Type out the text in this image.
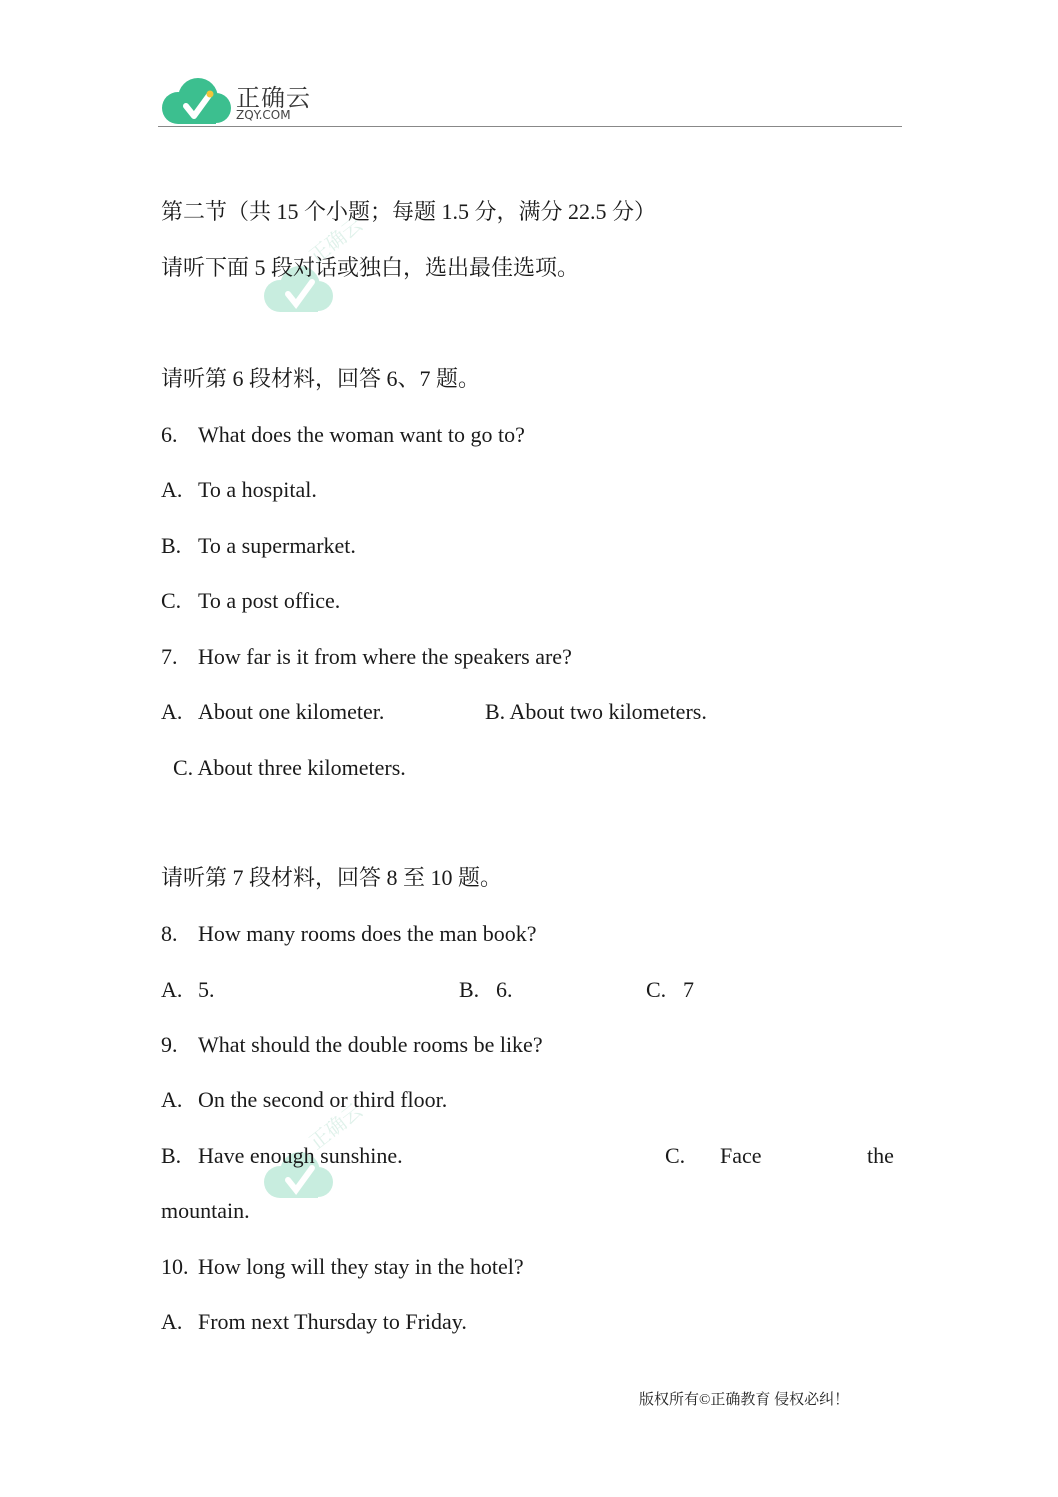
正确云
ZQY.COM
正确云
正确云
第二节（共 15 个小题；每题 1.5 分，满分 22.5 分）
请听下面 5 段对话或独白，选出最佳选项。
请听第 6 段材料，回答 6、7 题。
6. What does the woman want to go to?
A. To a hospital.
B. To a supermarket.
C. To a post office.
7. How far is it from where the speakers are?
A. About one kilometer.	B. About two kilometers.
C. About three kilometers.
请听第 7 段材料，回答 8 至 10 题。
8. How many rooms does the man book?
A. 5.	B. 6.	C. 7
9. What should the double rooms be like?
A. On the second or third floor.
B. Have enough sunshine.	C. Face	the
mountain.
10. How long will they stay in the hotel?
A. From next Thursday to Friday.
版权所有©正确教育 侵权必纠！
